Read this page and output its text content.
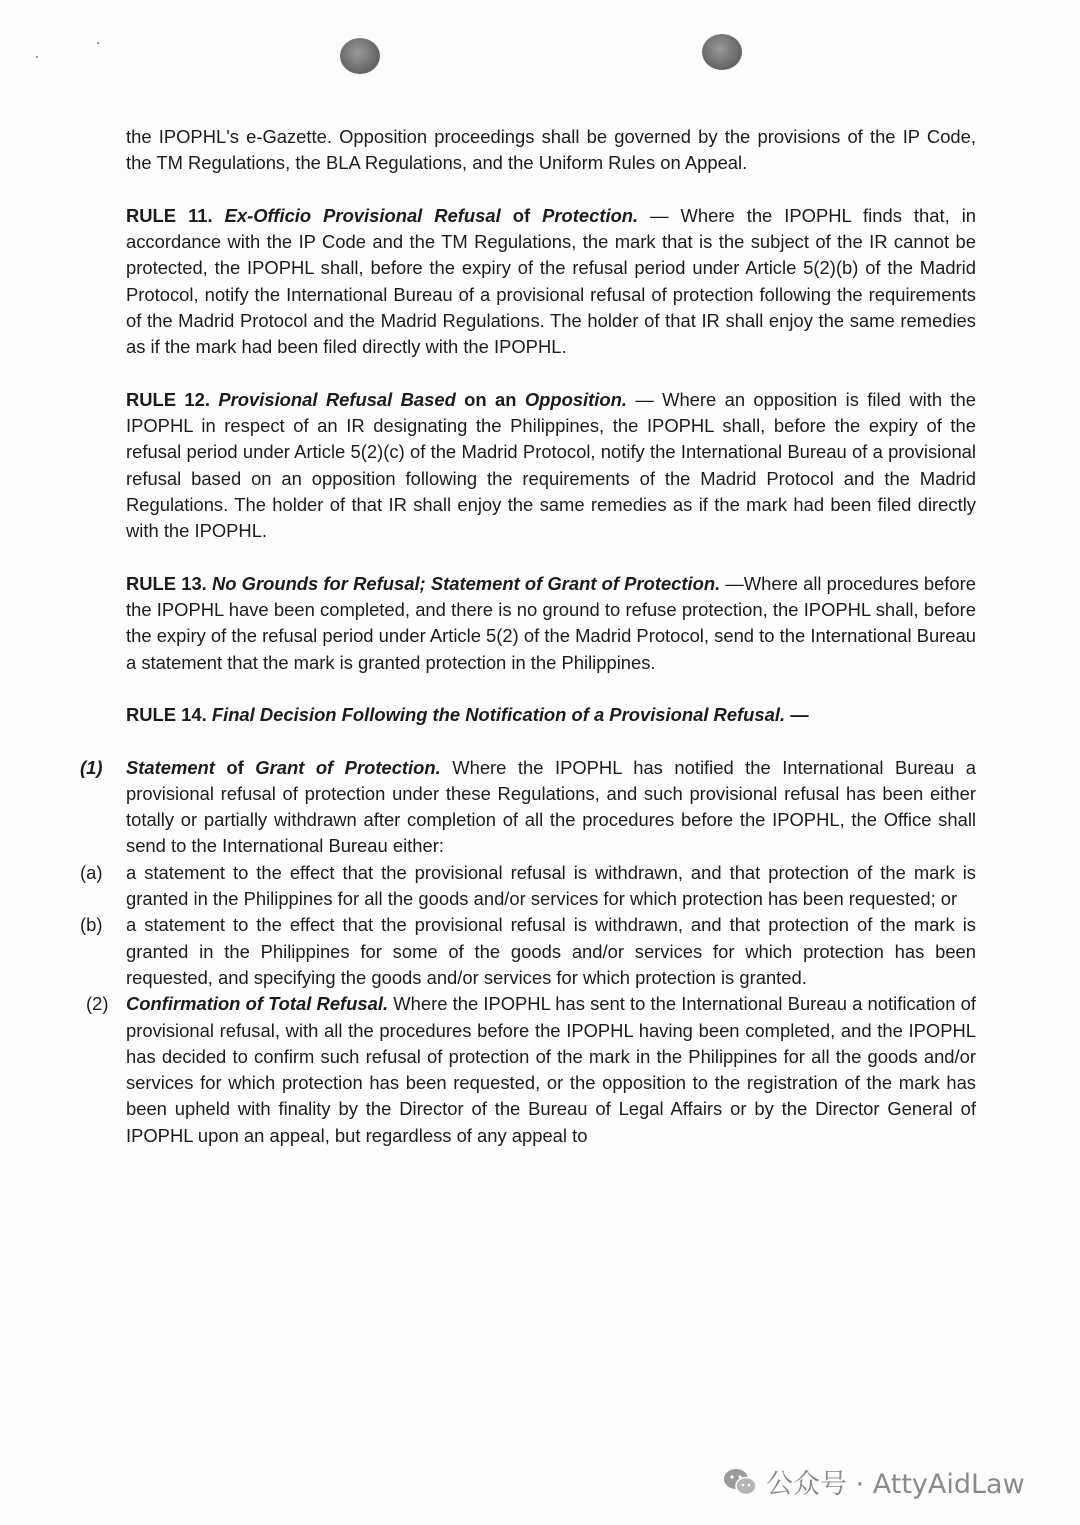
the IPOPHL's e-Gazette. Opposition proceedings shall be governed by the provisions of the IP Code, the TM Regulations, the BLA Regulations, and the Uniform Rules on Appeal.

RULE 11. Ex-Officio Provisional Refusal of Protection. — Where the IPOPHL finds that, in accordance with the IP Code and the TM Regulations, the mark that is the subject of the IR cannot be protected, the IPOPHL shall, before the expiry of the refusal period under Article 5(2)(b) of the Madrid Protocol, notify the International Bureau of a provisional refusal of protection following the requirements of the Madrid Protocol and the Madrid Regulations. The holder of that IR shall enjoy the same remedies as if the mark had been filed directly with the IPOPHL.

RULE 12. Provisional Refusal Based on an Opposition. — Where an opposition is filed with the IPOPHL in respect of an IR designating the Philippines, the IPOPHL shall, before the expiry of the refusal period under Article 5(2)(c) of the Madrid Protocol, notify the International Bureau of a provisional refusal based on an opposition following the requirements of the Madrid Protocol and the Madrid Regulations. The holder of that IR shall enjoy the same remedies as if the mark had been filed directly with the IPOPHL.

RULE 13. No Grounds for Refusal; Statement of Grant of Protection. —Where all procedures before the IPOPHL have been completed, and there is no ground to refuse protection, the IPOPHL shall, before the expiry of the refusal period under Article 5(2) of the Madrid Protocol, send to the International Bureau a statement that the mark is granted protection in the Philippines.

RULE 14. Final Decision Following the Notification of a Provisional Refusal. —

(1) Statement of Grant of Protection. Where the IPOPHL has notified the International Bureau a provisional refusal of protection under these Regulations, and such provisional refusal has been either totally or partially withdrawn after completion of all the procedures before the IPOPHL, the Office shall send to the International Bureau either:

(a) a statement to the effect that the provisional refusal is withdrawn, and that protection of the mark is granted in the Philippines for all the goods and/or services for which protection has been requested; or

(b) a statement to the effect that the provisional refusal is withdrawn, and that protection of the mark is granted in the Philippines for some of the goods and/or services for which protection has been requested, and specifying the goods and/or services for which protection is granted.

(2) Confirmation of Total Refusal. Where the IPOPHL has sent to the International Bureau a notification of provisional refusal, with all the procedures before the IPOPHL having been completed, and the IPOPHL has decided to confirm such refusal of protection of the mark in the Philippines for all the goods and/or services for which protection has been requested, or the opposition to the registration of the mark has been upheld with finality by the Director of the Bureau of Legal Affairs or by the Director General of IPOPHL upon an appeal, but regardless of any appeal to

公众号 · AttyAidLaw
